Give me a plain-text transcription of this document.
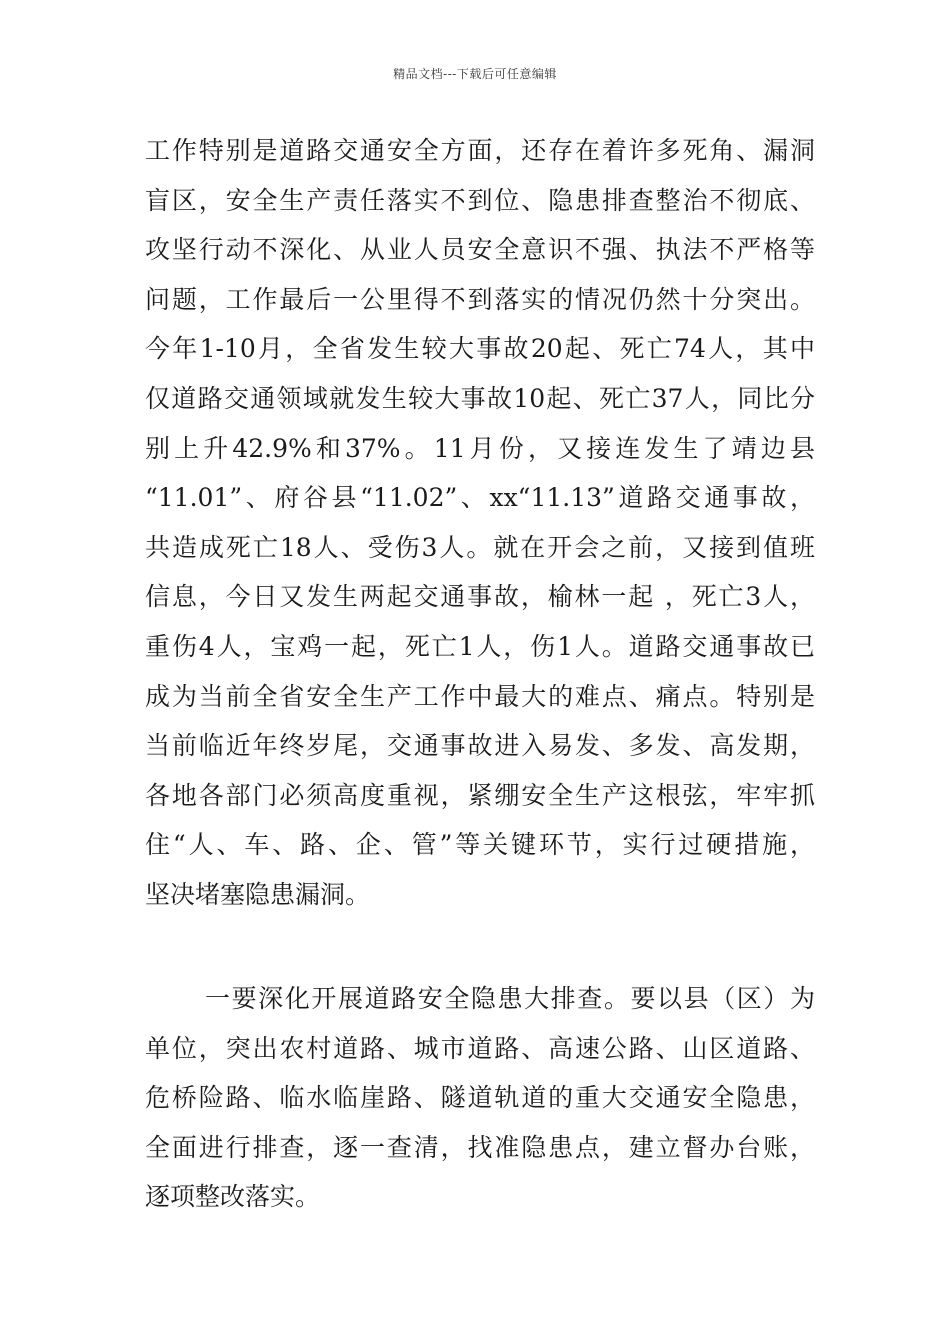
精品文档---下载后可任意编辑
工作特别是道路交通安全方面，还存在着许多死角、漏洞
盲区，安全生产责任落实不到位、隐患排查整治不彻底、
攻坚行动不深化、从业人员安全意识不强、执法不严格等
问题，工作最后一公里得不到落实的情况仍然十分突出。
今年1-10月，全省发生较大事故20起、死亡74人，其中
仅道路交通领域就发生较大事故10起、死亡37人，同比分
别上升42.9%和37%。11月份，又接连发生了靖边县
“11.01”、府谷县“11.02”、xx“11.13”道路交通事故，
共造成死亡18人、受伤3人。就在开会之前，又接到值班
信息，今日又发生两起交通事故，榆林一起 ，死亡3人，
重伤4人，宝鸡一起，死亡1人，伤1人。道路交通事故已
成为当前全省安全生产工作中最大的难点、痛点。特别是
当前临近年终岁尾，交通事故进入易发、多发、高发期，
各地各部门必须高度重视，紧绷安全生产这根弦，牢牢抓
住“人、车、路、企、管”等关键环节，实行过硬措施，
坚决堵塞隐患漏洞。
一要深化开展道路安全隐患大排查。要以县（区）为
单位，突出农村道路、城市道路、高速公路、山区道路、
危桥险路、临水临崖路、隧道轨道的重大交通安全隐患，
全面进行排查，逐一查清，找准隐患点，建立督办台账，
逐项整改落实。
